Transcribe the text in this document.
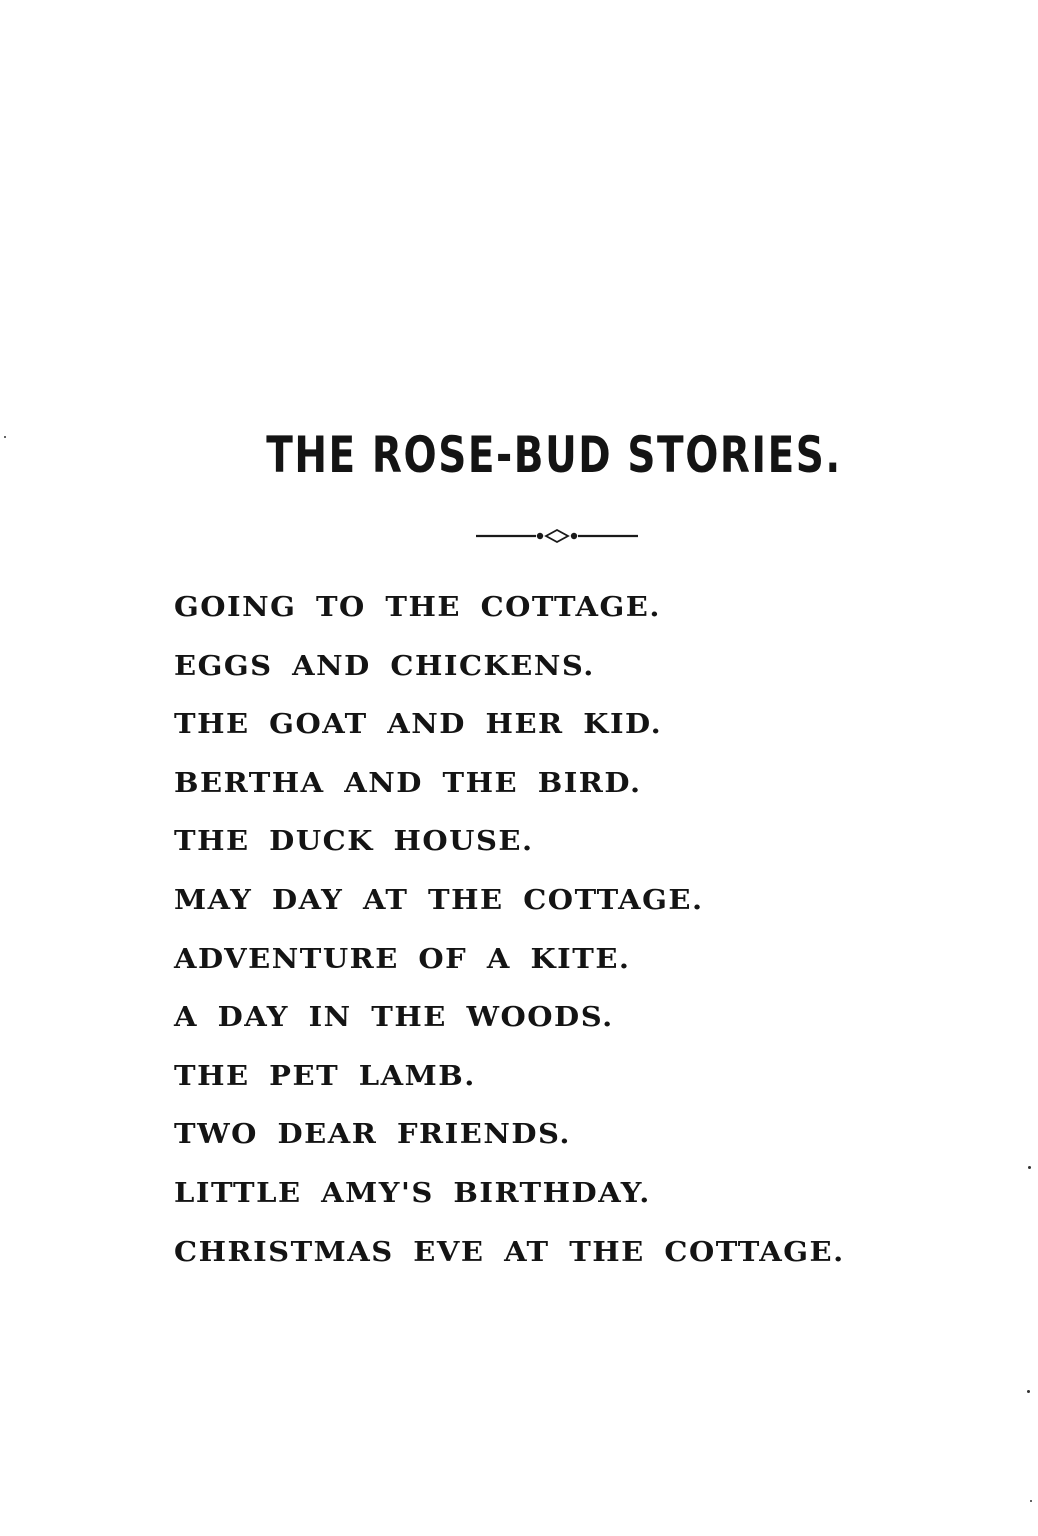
THE ROSE-BUD STORIES.
GOING TO THE COTTAGE.
EGGS AND CHICKENS.
THE GOAT AND HER KID.
BERTHA AND THE BIRD.
THE DUCK HOUSE.
MAY DAY AT THE COTTAGE.
ADVENTURE OF A KITE.
A DAY IN THE WOODS.
THE PET LAMB.
TWO DEAR FRIENDS.
LITTLE AMY'S BIRTHDAY.
CHRISTMAS EVE AT THE COTTAGE.
